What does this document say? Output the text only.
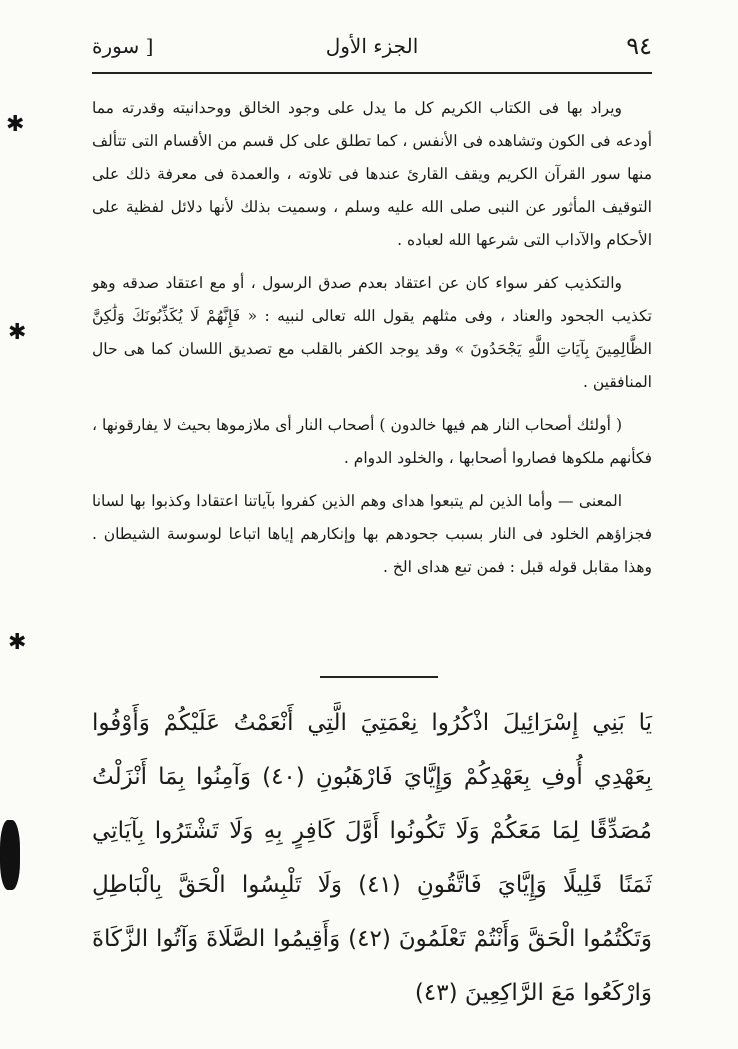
٩٤
الجزء الأول
[ سورة

ويراد بها فى الكتاب الكريم كل ما يدل على وجود الخالق ووحدانيته وقدرته مما أودعه فى الكون وتشاهده فى الأنفس ، كما تطلق على كل قسم من الأقسام التى تتألف منها سور القرآن الكريم ويقف القارئ عندها فى تلاوته ، والعمدة فى معرفة ذلك على التوقيف المأثور عن النبى صلى الله عليه وسلم ، وسميت بذلك لأنها دلائل لفظية على الأحكام والآداب التى شرعها الله لعباده .

والتكذيب كفر سواء كان عن اعتقاد بعدم صدق الرسول ، أو مع اعتقاد صدقه وهو تكذيب الجحود والعناد ، وفى مثلهم يقول الله تعالى لنبيه : « فَإِنَّهُمْ لَا يُكَذِّبُونَكَ وَلَٰكِنَّ الظَّالِمِينَ بِآيَاتِ اللَّهِ يَجْحَدُونَ » وقد يوجد الكفر بالقلب مع تصديق اللسان كما هى حال المنافقين .

( أولئك أصحاب النار هم فيها خالدون ) أصحاب النار أى ملازموها بحيث لا يفارقونها ، فكأنهم ملكوها فصاروا أصحابها ، والخلود الدوام .

المعنى — وأما الذين لم يتبعوا هداى وهم الذين كفروا بآياتنا اعتقادا وكذبوا بها لسانا فجزاؤهم الخلود فى النار بسبب جحودهم بها وإنكارهم إياها اتباعا لوسوسة الشيطان . وهذا مقابل قوله قبل : فمن تبع هداى الخ .

يَا بَنِي إِسْرَائِيلَ اذْكُرُوا نِعْمَتِيَ الَّتِي أَنْعَمْتُ عَلَيْكُمْ وَأَوْفُوا بِعَهْدِي أُوفِ بِعَهْدِكُمْ وَإِيَّايَ فَارْهَبُونِ (٤٠) وَآمِنُوا بِمَا أَنْزَلْتُ مُصَدِّقًا لِمَا مَعَكُمْ وَلَا تَكُونُوا أَوَّلَ كَافِرٍ بِهِ وَلَا تَشْتَرُوا بِآيَاتِي ثَمَنًا قَلِيلًا وَإِيَّايَ فَاتَّقُونِ (٤١) وَلَا تَلْبِسُوا الْحَقَّ بِالْبَاطِلِ وَتَكْتُمُوا الْحَقَّ وَأَنْتُمْ تَعْلَمُونَ (٤٢) وَأَقِيمُوا الصَّلَاةَ وَآتُوا الزَّكَاةَ وَارْكَعُوا مَعَ الرَّاكِعِينَ (٤٣)
✱
✱
✱
